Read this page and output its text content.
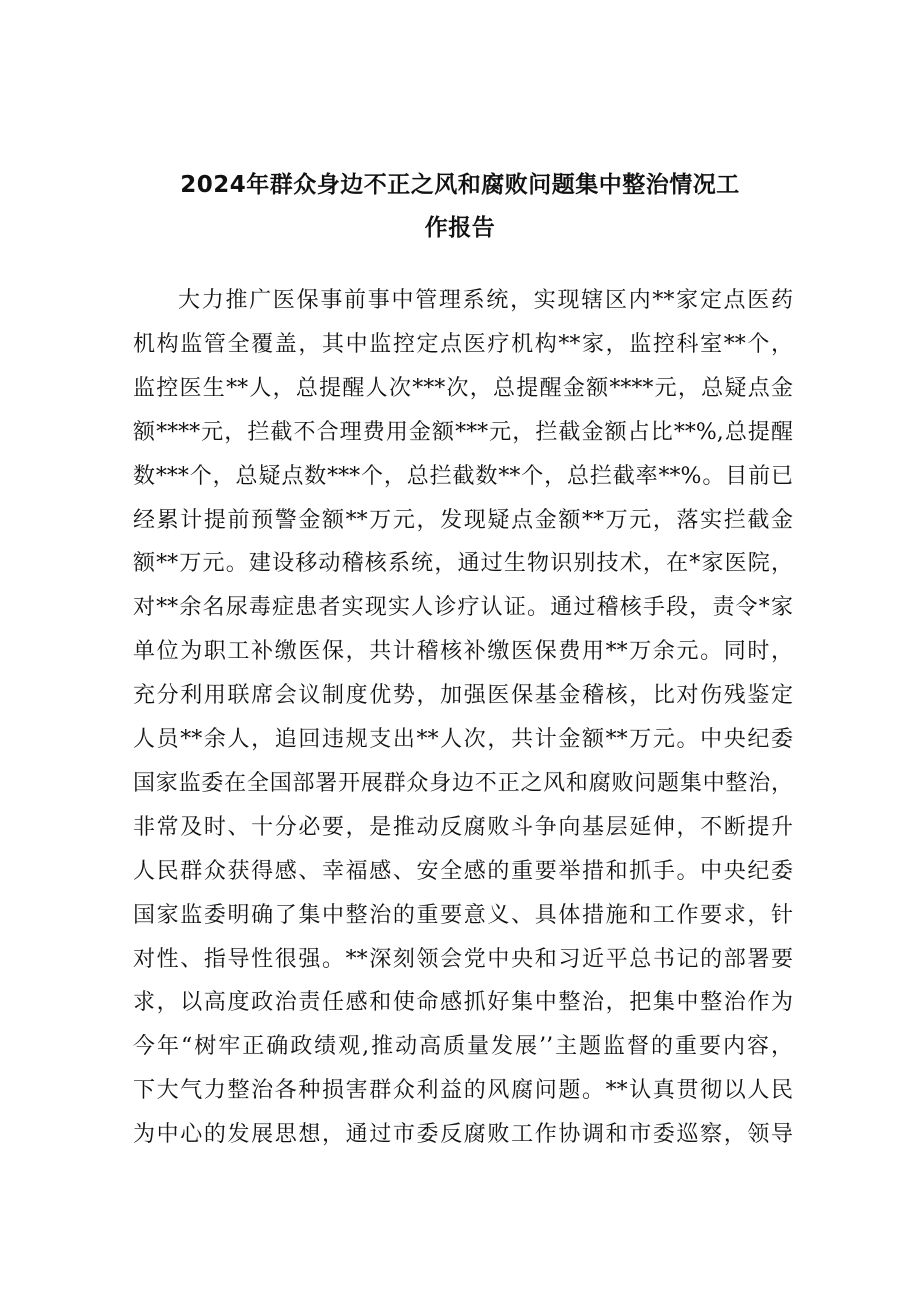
2024年群众身边不正之风和腐败问题集中整治情况工
作报告
大力推广医保事前事中管理系统，实现辖区内**家定点医药
机构监管全覆盖，其中监控定点医疗机构**家，监控科室**个，
监控医生**人，总提醒人次***次，总提醒金额****元，总疑点金
额****元，拦截不合理费用金额***元，拦截金额占比**%,总提醒
数***个，总疑点数***个，总拦截数**个，总拦截率**%。目前已
经累计提前预警金额**万元，发现疑点金额**万元，落实拦截金
额**万元。建设移动稽核系统，通过生物识别技术，在*家医院，
对**余名尿毒症患者实现实人诊疗认证。通过稽核手段，责令*家
单位为职工补缴医保，共计稽核补缴医保费用**万余元。同时，
充分利用联席会议制度优势，加强医保基金稽核，比对伤残鉴定
人员**余人，追回违规支出**人次，共计金额**万元。中央纪委
国家监委在全国部署开展群众身边不正之风和腐败问题集中整治，
非常及时、十分必要，是推动反腐败斗争向基层延伸，不断提升
人民群众获得感、幸福感、安全感的重要举措和抓手。中央纪委
国家监委明确了集中整治的重要意义、具体措施和工作要求，针
对性、指导性很强。**深刻领会党中央和习近平总书记的部署要
求，以高度政治责任感和使命感抓好集中整治，把集中整治作为
今年“树牢正确政绩观,推动高质量发展’’主题监督的重要内容，
下大气力整治各种损害群众利益的风腐问题。**认真贯彻以人民
为中心的发展思想，通过市委反腐败工作协调和市委巡察，领导
